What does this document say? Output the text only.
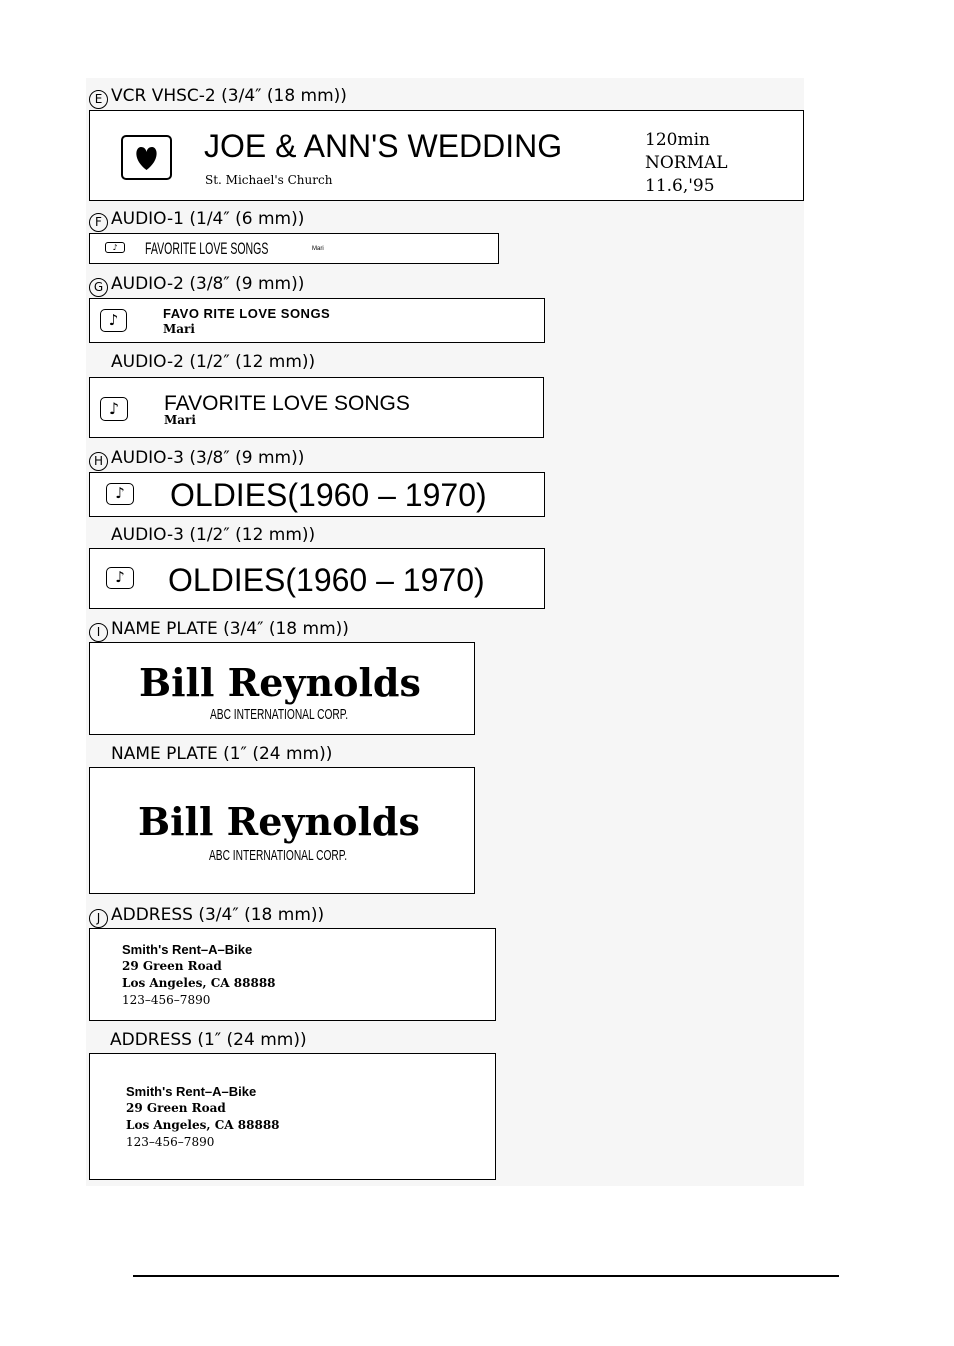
E VCR VHSC-2 (3/4″ (18 mm))
JOE & ANN'S WEDDING
St. Michael's Church
120min
NORMAL
11.6,'95
F AUDIO-1 (1/4″ (6 mm))
♪	FAVORITE LOVE SONGS	Mari
G AUDIO-2 (3/8″ (9 mm))
♪	FAVO RITE LOVE SONGS
Mari
AUDIO-2 (1/2″ (12 mm))
♪	FAVORITE LOVE SONGS
Mari
H AUDIO-3 (3/8″ (9 mm))
♪ OLDIES(1960 – 1970)
AUDIO-3 (1/2″ (12 mm))
♪ OLDIES(1960 – 1970)
I NAME PLATE (3/4″ (18 mm))
Bill Reynolds
ABC INTERNATIONAL CORP.
NAME PLATE (1″ (24 mm))
Bill Reynolds
ABC INTERNATIONAL CORP.
J ADDRESS (3/4″ (18 mm))
Smith's Rent–A–Bike
29 Green Road
Los Angeles, CA 88888
123–456–7890
ADDRESS (1″ (24 mm))
Smith's Rent–A–Bike
29 Green Road
Los Angeles, CA 88888
123–456–7890
